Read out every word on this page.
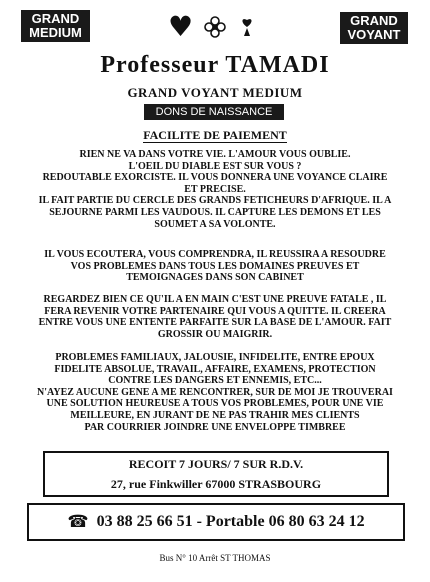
GRAND
MEDIUM	♥	GRAND
VOYANT
Professeur TAMADI
GRAND VOYANT MEDIUM
DONS DE NAISSANCE
FACILITE DE PAIEMENT
RIEN NE VA DANS VOTRE VIE. L'AMOUR VOUS OUBLIE.
L'OEIL DU DIABLE EST SUR VOUS ?
REDOUTABLE EXORCISTE. IL VOUS DONNERA UNE VOYANCE CLAIRE
ET PRECISE.
IL FAIT PARTIE DU CERCLE DES GRANDS FETICHEURS D'AFRIQUE. IL A
SEJOURNE PARMI LES VAUDOUS. IL CAPTURE LES DEMONS ET LES
SOUMET A SA VOLONTE.
IL VOUS ECOUTERA, VOUS COMPRENDRA, IL REUSSIRA A RESOUDRE
VOS PROBLEMES DANS TOUS LES DOMAINES PREUVES ET
TEMOIGNAGES DANS SON CABINET
REGARDEZ BIEN CE QU'IL A EN MAIN C'EST UNE PREUVE FATALE , IL
FERA REVENIR VOTRE PARTENAIRE QUI VOUS A QUITTE. IL CREERA
ENTRE VOUS UNE ENTENTE PARFAITE SUR LA BASE DE L'AMOUR. FAIT
GROSSIR OU MAIGRIR.
PROBLEMES FAMILIAUX, JALOUSIE, INFIDELITE, ENTRE EPOUX
FIDELITE ABSOLUE, TRAVAIL, AFFAIRE, EXAMENS, PROTECTION
CONTRE LES DANGERS ET ENNEMIS, ETC...
N'AYEZ AUCUNE GENE A ME RENCONTRER, SUR DE MOI JE TROUVERAI
UNE SOLUTION HEUREUSE A TOUS VOS PROBLEMES, POUR UNE VIE
MEILLEURE, EN JURANT DE NE PAS TRAHIR MES CLIENTS
PAR COURRIER JOINDRE UNE ENVELOPPE TIMBREE
RECOIT 7 JOURS/ 7 SUR R.D.V.
27, rue Finkwiller 67000 STRASBOURG
☎ 03 88 25 66 51 - Portable 06 80 63 24 12
Bus N° 10 Arrêt ST THOMAS
